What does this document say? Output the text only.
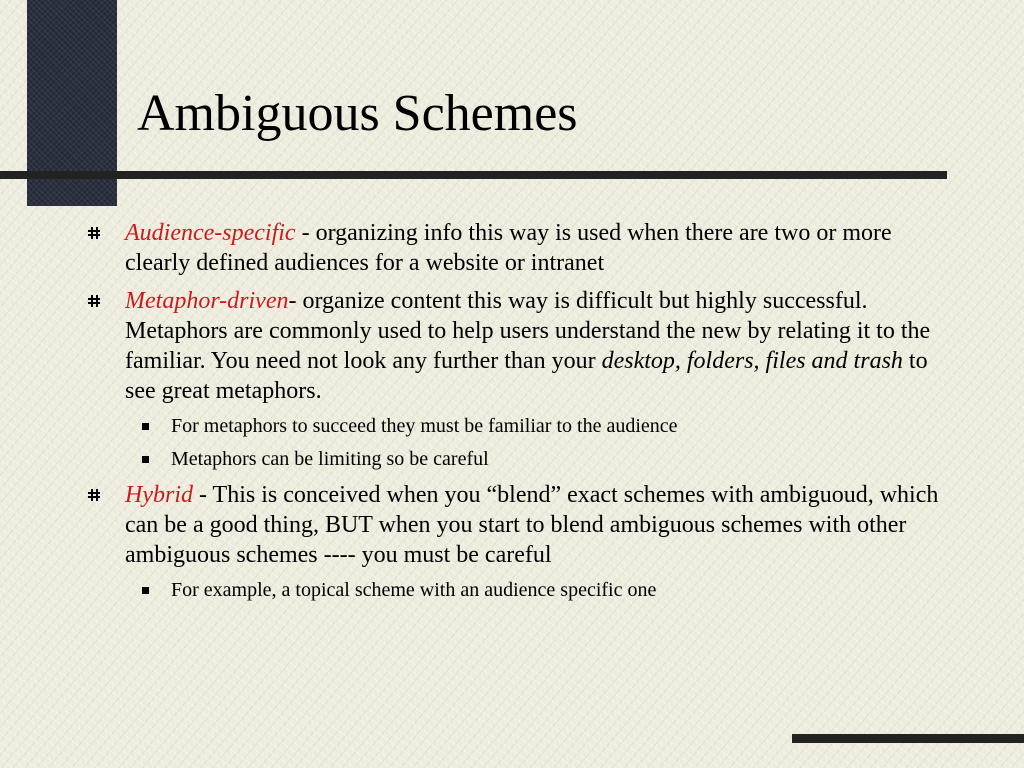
Ambiguous Schemes
Audience-specific - organizing info this way is used when there are two or more clearly defined audiences for a website or intranet
Metaphor-driven- organize content this way is difficult but highly successful. Metaphors are commonly used to help users understand the new by relating it to the familiar. You need not look any further than your desktop, folders, files and trash to see great metaphors.
For metaphors to succeed they must be familiar to the audience
Metaphors can be limiting so be careful
Hybrid - This is conceived when you “blend” exact schemes with ambiguoud, which can be a good thing, BUT when you start to blend ambiguous schemes with other ambiguous schemes ---- you must be careful
For example, a topical scheme with an audience specific one
